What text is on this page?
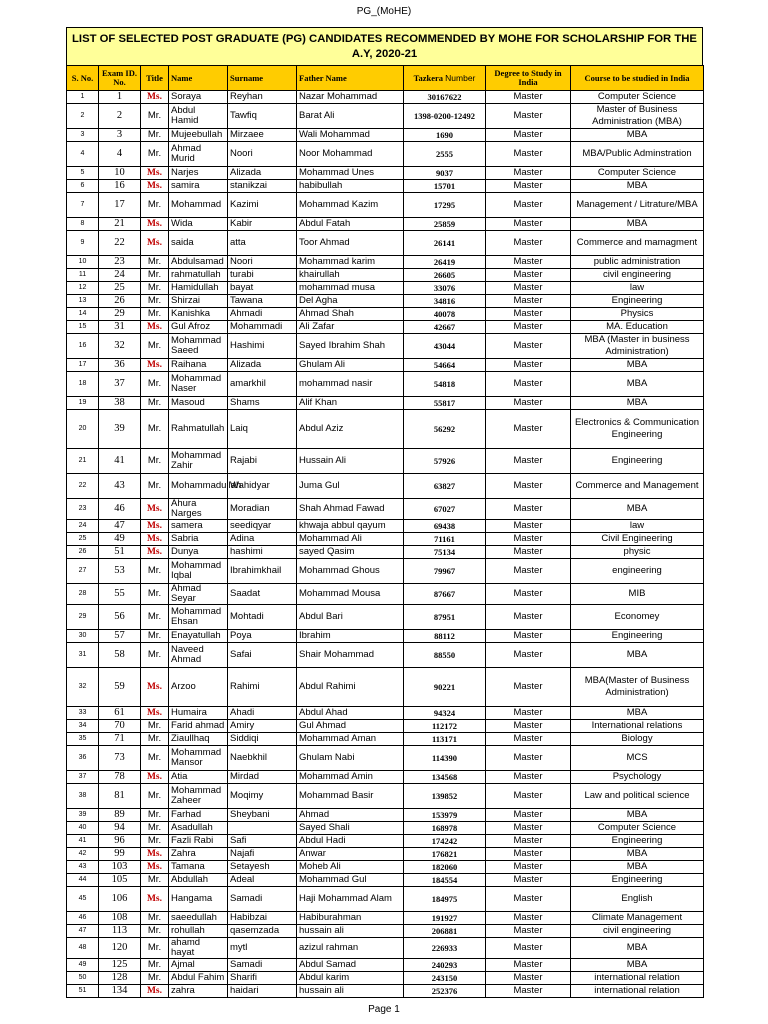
PG_(MoHE)
LIST OF SELECTED POST GRADUATE (PG) CANDIDATES RECOMMENDED BY MOHE FOR SCHOLARSHIP FOR THE A.Y, 2020-21
S. No.	Exam ID. No.	Title	Name	Surname	Father Name	Tazkera Number	Degree to Study in India	Course to be studied in India
1	1	Ms.	Soraya	Reyhan	Nazar Mohammad	30167622	Master	Computer Science
2	2	Mr.	Abdul Hamid	Tawfiq	Barat Ali	1398-0200-12492	Master	Master of Business Administration (MBA)
3	3	Mr.	Mujeebullah	Mirzaee	Wali Mohammad	1690	Master	MBA
4	4	Mr.	Ahmad Murid	Noori	Noor Mohammad	2555	Master	MBA/Public Adminstration
5	10	Ms.	Narjes	Alizada	Mohammad Unes	9037	Master	Computer Science
6	16	Ms.	samira	stanikzai	habibullah	15701	Master	MBA
7	17	Mr.	Mohammad	Kazimi	Mohammad Kazim	17295	Master	Management / Litrature/MBA
8	21	Ms.	Wida	Kabir	Abdul Fatah	25859	Master	MBA
9	22	Ms.	saida	atta	Toor Ahmad	26141	Master	Commerce and mamagment
10	23	Mr.	Abdulsamad	Noori	Mohammad karim	26419	Master	public administration
11	24	Mr.	rahmatullah	turabi	khairullah	26605	Master	civil engineering
12	25	Mr.	Hamidullah	bayat	mohammad musa	33076	Master	law
13	26	Mr.	Shirzai	Tawana	Del Agha	34816	Master	Engineering
14	29	Mr.	Kanishka	Ahmadi	Ahmad Shah	40078	Master	Physics
15	31	Ms.	Gul Afroz	Mohammadi	Ali Zafar	42667	Master	MA. Education
16	32	Mr.	Mohammad Saeed	Hashimi	Sayed Ibrahim Shah	43044	Master	MBA (Master in business Administration)
17	36	Ms.	Raihana	Alizada	Ghulam Ali	54664	Master	MBA
18	37	Mr.	Mohammad Naser	amarkhil	mohammad nasir	54818	Master	MBA
19	38	Mr.	Masoud	Shams	Alif Khan	55817	Master	MBA
20	39	Mr.	Rahmatullah	Laiq	Abdul Aziz	56292	Master	Electronics & Communication Engineering
21	41	Mr.	Mohammad Zahir	Rajabi	Hussain Ali	57926	Master	Engineering
22	43	Mr.	Mohammadullah	Wahidyar	Juma Gul	63827	Master	Commerce and Management
23	46	Ms.	Ahura Narges	Moradian	Shah Ahmad Fawad	67027	Master	MBA
24	47	Ms.	samera	seediqyar	khwaja abbul qayum	69438	Master	law
25	49	Ms.	Sabria	Adina	Mohammad Ali	71161	Master	Civil Engineering
26	51	Ms.	Dunya	hashimi	sayed Qasim	75134	Master	physic
27	53	Mr.	Mohammad Iqbal	Ibrahimkhail	Mohammad Ghous	79967	Master	engineering
28	55	Mr.	Ahmad Seyar	Saadat	Mohammad Mousa	87667	Master	MIB
29	56	Mr.	Mohammad Ehsan	Mohtadi	Abdul Bari	87951	Master	Economey
30	57	Mr.	Enayatullah	Poya	Ibrahim	88112	Master	Engineering
31	58	Mr.	Naveed Ahmad	Safai	Shair Mohammad	88550	Master	MBA
32	59	Ms.	Arzoo	Rahimi	Abdul Rahimi	90221	Master	MBA(Master of Business Administration)
33	61	Ms.	Humaira	Ahadi	Abdul Ahad	94324	Master	MBA
34	70	Mr.	Farid ahmad	Amiry	Gul Ahmad	112172	Master	International relations
35	71	Mr.	Ziaullhaq	Siddiqi	Mohammad Aman	113171	Master	Biology
36	73	Mr.	Mohammad Mansor	Naebkhil	Ghulam Nabi	114390	Master	MCS
37	78	Ms.	Atia	Mirdad	Mohammad Amin	134568	Master	Psychology
38	81	Mr.	Mohammad Zaheer	Moqimy	Mohammad Basir	139852	Master	Law and political science
39	89	Mr.	Farhad	Sheybani	Ahmad	153979	Master	MBA
40	94	Mr.	Asadullah		Sayed Shali	168978	Master	Computer Science
41	96	Mr.	Fazli Rabi	Safi	Abdul Hadi	174242	Master	Engineering
42	99	Ms.	Zahra	Najafi	Anwar	176821	Master	MBA
43	103	Ms.	Tamana	Setayesh	Moheb Ali	182060	Master	MBA
44	105	Mr.	Abdullah	Adeal	Mohammad Gul	184554	Master	Engineering
45	106	Ms.	Hangama	Samadi	Haji Mohammad Alam	184975	Master	English
46	108	Mr.	saeedullah	Habibzai	Habiburahman	191927	Master	Climate Management
47	113	Mr.	rohullah	qasemzada	hussain ali	206881	Master	civil engineering
48	120	Mr.	ahamd hayat	mytl	azizul rahman	226933	Master	MBA
49	125	Mr.	Ajmal	Samadi	Abdul Samad	240293	Master	MBA
50	128	Mr.	Abdul Fahim	Sharifi	Abdul karim	243150	Master	international relation
51	134	Ms.	zahra	haidari	hussain ali	252376	Master	international relation
Page 1
